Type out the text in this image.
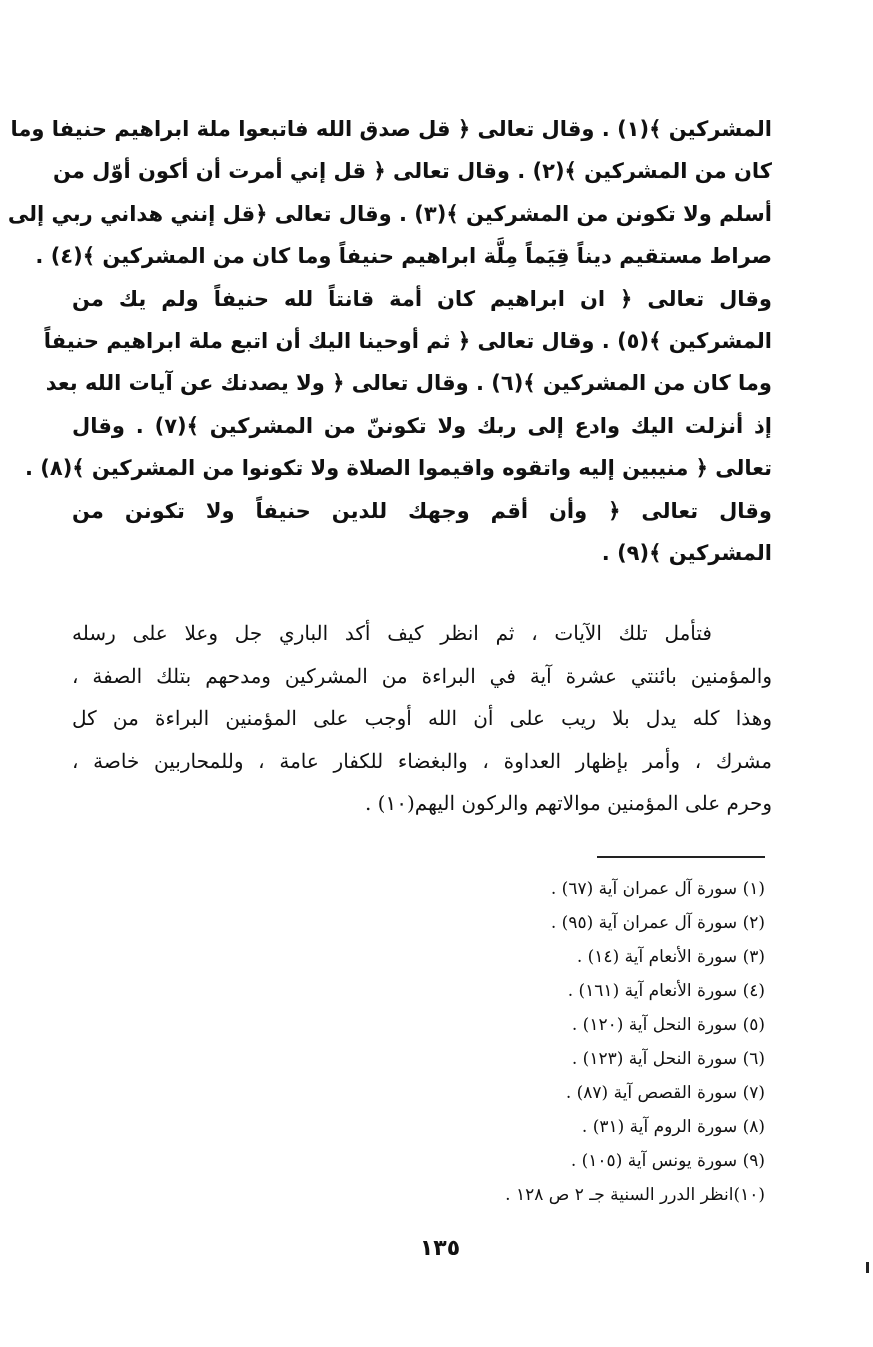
المشركين ﴾(١) . وقال تعالى ﴿ قل صدق الله فاتبعوا ملة ابراهيم حنيفا وما
كان من المشركين ﴾(٢) . وقال تعالى ﴿ قل إني أمرت أن أكون أوّل من
أسلم ولا تكونن من المشركين ﴾(٣) . وقال تعالى ﴿قل إنني هداني ربي إلى
صراط مستقيم ديناً قِيَماً مِلَّة ابراهيم حنيفاً وما كان من المشركين ﴾(٤) .
وقال تعالى ﴿ ان ابراهيم كان أمة قانتاً لله حنيفاً ولم يك من
المشركين ﴾(٥) . وقال تعالى ﴿ ثم أوحينا اليك أن اتبع ملة ابراهيم حنيفاً
وما كان من المشركين ﴾(٦) . وقال تعالى ﴿ ولا يصدنك عن آيات الله بعد
إذ أنزلت اليك وادع إلى ربك ولا تكوننّ من المشركين ﴾(٧) . وقال
تعالى ﴿ منيبين إليه واتقوه واقيموا الصلاة ولا تكونوا من المشركين ﴾(٨) .
وقال تعالى ﴿ وأن أقم وجهك للدين حنيفاً ولا تكونن من
المشركين ﴾(٩) .
فتأمل تلك الآيات ، ثم انظر كيف أكد الباري جل وعلا على رسله
والمؤمنين بائنتي عشرة آية في البراءة من المشركين ومدحهم بتلك الصفة ،
وهذا كله يدل بلا ريب على أن الله أوجب على المؤمنين البراءة من كل
مشرك ، وأمر بإظهار العداوة ، والبغضاء للكفار عامة ، وللمحاربين خاصة ،
وحرم على المؤمنين موالاتهم والركون اليهم(١٠) .
(١) سورة آل عمران آية (٦٧) .
(٢) سورة آل عمران آية (٩٥) .
(٣) سورة الأنعام آية (١٤) .
(٤) سورة الأنعام آية (١٦١) .
(٥) سورة النحل آية (١٢٠) .
(٦) سورة النحل آية (١٢٣) .
(٧) سورة القصص آية (٨٧) .
(٨) سورة الروم آية (٣١) .
(٩) سورة يونس آية (١٠٥) .
(١٠)انظر الدرر السنية جـ ٢ ص ١٢٨ .
١٣٥
